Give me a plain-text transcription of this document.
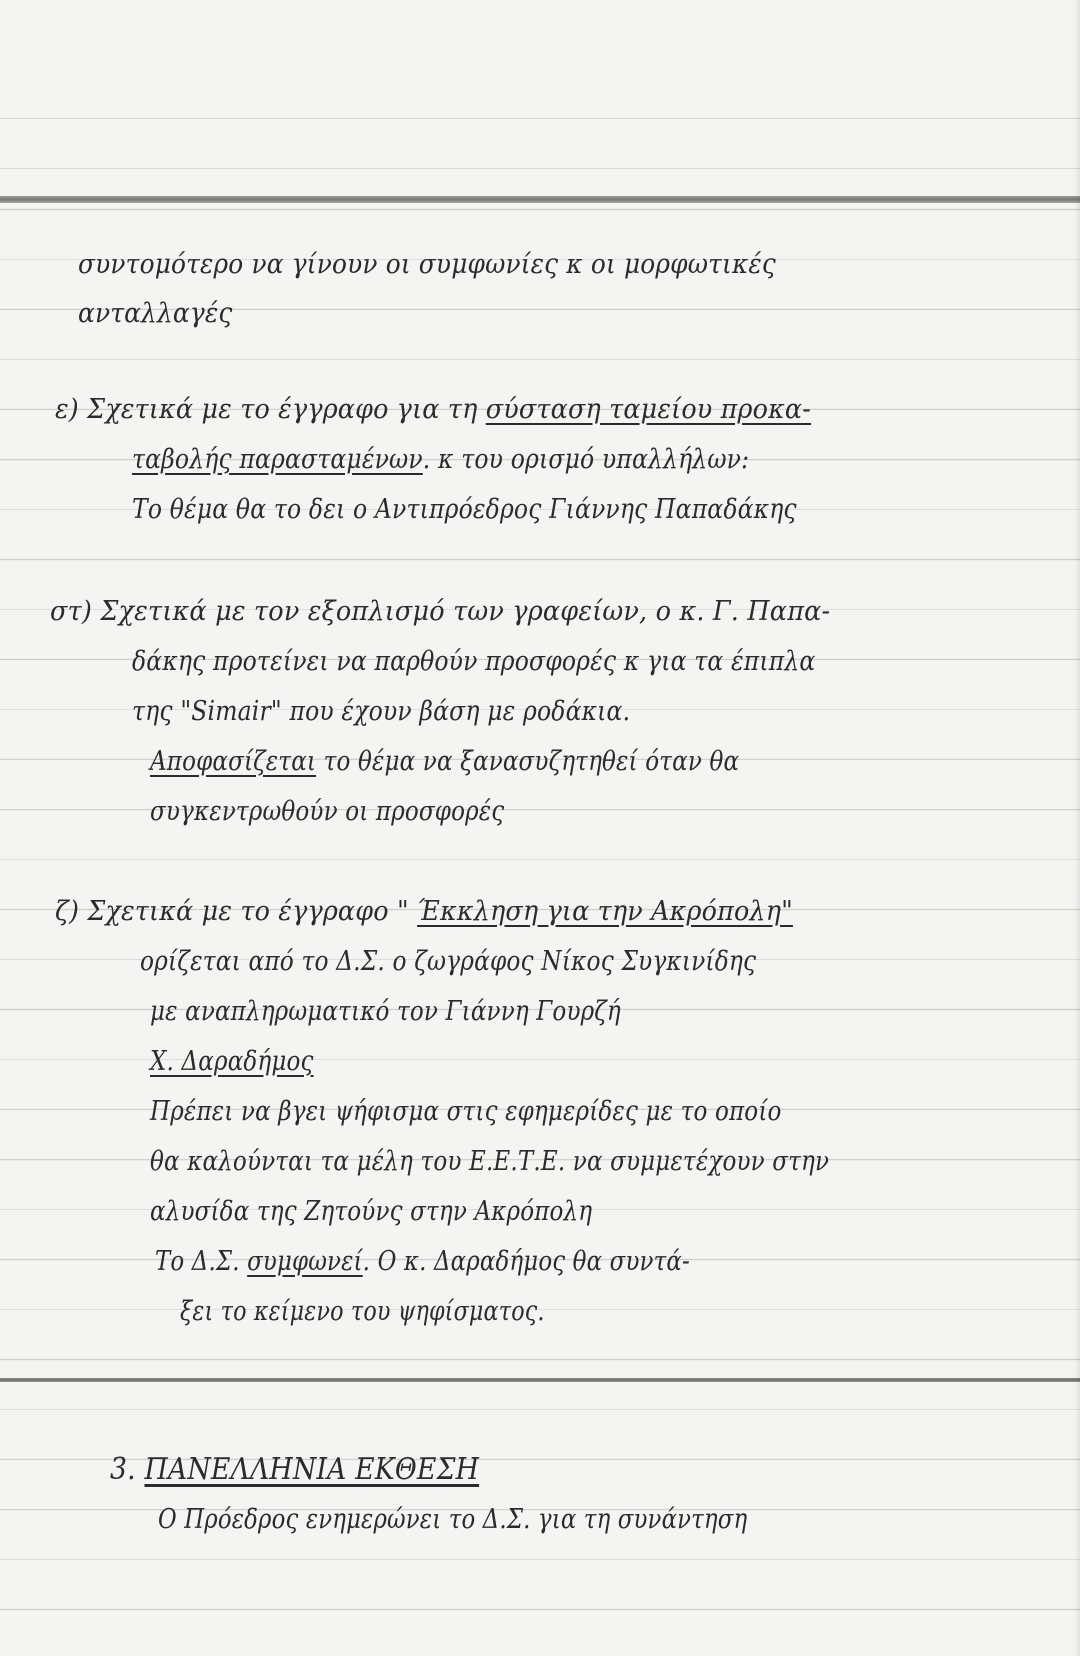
συντομότερο να γίνουν οι συμφωνίες κ οι μορφωτικές
ανταλλαγές
ε) Σχετικά με το έγγραφο για τη σύσταση ταμείου προκα-
ταβολής παρασταμένων. κ του ορισμό υπαλλήλων:
Το θέμα θα το δει ο Αντιπρόεδρος Γιάννης Παπαδάκης
στ) Σχετικά με τον εξοπλισμό των γραφείων, ο κ. Γ. Παπα-
δάκης προτείνει να παρθούν προσφορές κ για τα έπιπλα
της "Simair" που έχουν βάση με ροδάκια.
Αποφασίζεται το θέμα να ξανασυζητηθεί όταν θα
συγκεντρωθούν οι προσφορές
ζ) Σχετικά με το έγγραφο " Έκκληση για την Ακρόπολη"
ορίζεται από το Δ.Σ. ο ζωγράφος Νίκος Συγκινίδης
με αναπληρωματικό τον Γιάννη Γουρζή
Χ. Δαραδήμος
Πρέπει να βγει ψήφισμα στις εφημερίδες με το οποίο
θα καλούνται τα μέλη του Ε.Ε.Τ.Ε. να συμμετέχουν στην
αλυσίδα της Ζητούνς στην Ακρόπολη
Το Δ.Σ. συμφωνεί. Ο κ. Δαραδήμος θα συντά-
ξει το κείμενο του ψηφίσματος.
3. ΠΑΝΕΛΛΗΝΙΑ ΕΚΘΕΣΗ
Ο Πρόεδρος ενημερώνει το Δ.Σ. για τη συνάντηση
